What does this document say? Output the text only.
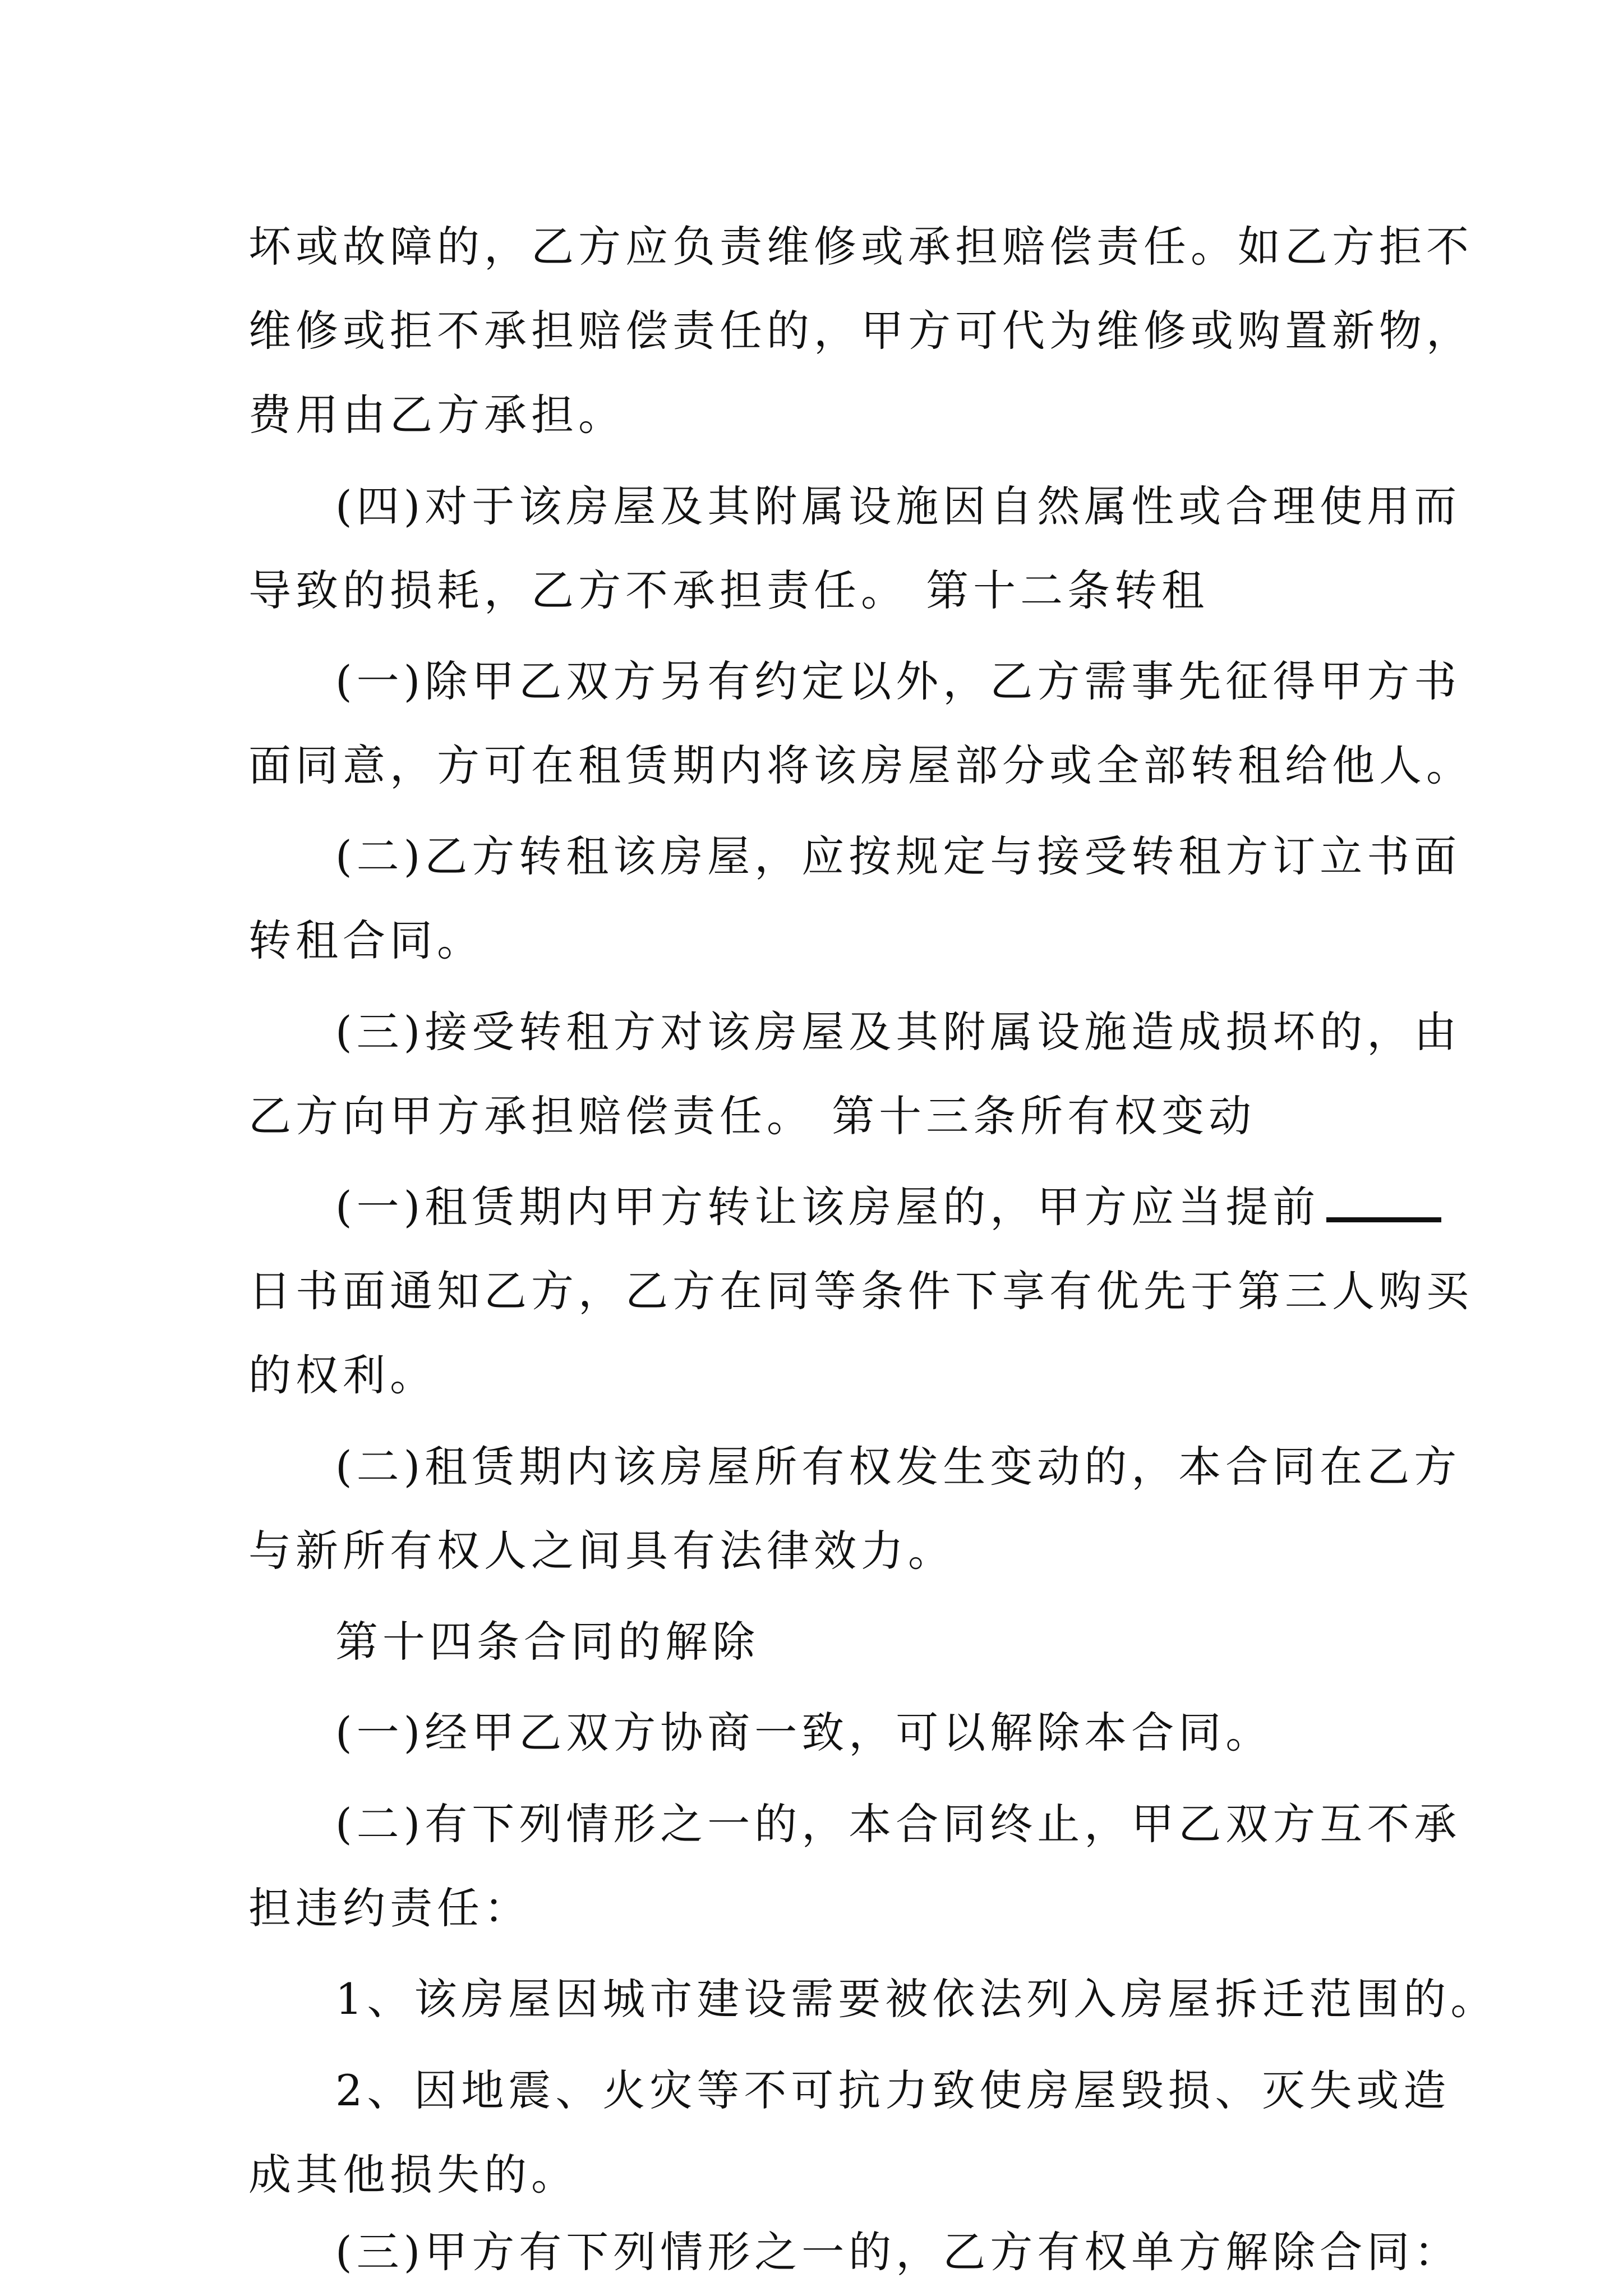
坏或故障的，乙方应负责维修或承担赔偿责任。如乙方拒不
维修或拒不承担赔偿责任的，甲方可代为维修或购置新物，
费用由乙方承担。
(四)对于该房屋及其附属设施因自然属性或合理使用而
导致的损耗，乙方不承担责任。 第十二条转租
(一)除甲乙双方另有约定以外，乙方需事先征得甲方书
面同意，方可在租赁期内将该房屋部分或全部转租给他人。
(二)乙方转租该房屋，应按规定与接受转租方订立书面
转租合同。
(三)接受转租方对该房屋及其附属设施造成损坏的，由
乙方向甲方承担赔偿责任。 第十三条所有权变动
(一)租赁期内甲方转让该房屋的，甲方应当提前
日书面通知乙方，乙方在同等条件下享有优先于第三人购买
的权利。
(二)租赁期内该房屋所有权发生变动的，本合同在乙方
与新所有权人之间具有法律效力。
第十四条合同的解除
(一)经甲乙双方协商一致，可以解除本合同。
(二)有下列情形之一的，本合同终止，甲乙双方互不承
担违约责任：
1、该房屋因城市建设需要被依法列入房屋拆迁范围的。
2、因地震、火灾等不可抗力致使房屋毁损、灭失或造
成其他损失的。
(三)甲方有下列情形之一的，乙方有权单方解除合同：
